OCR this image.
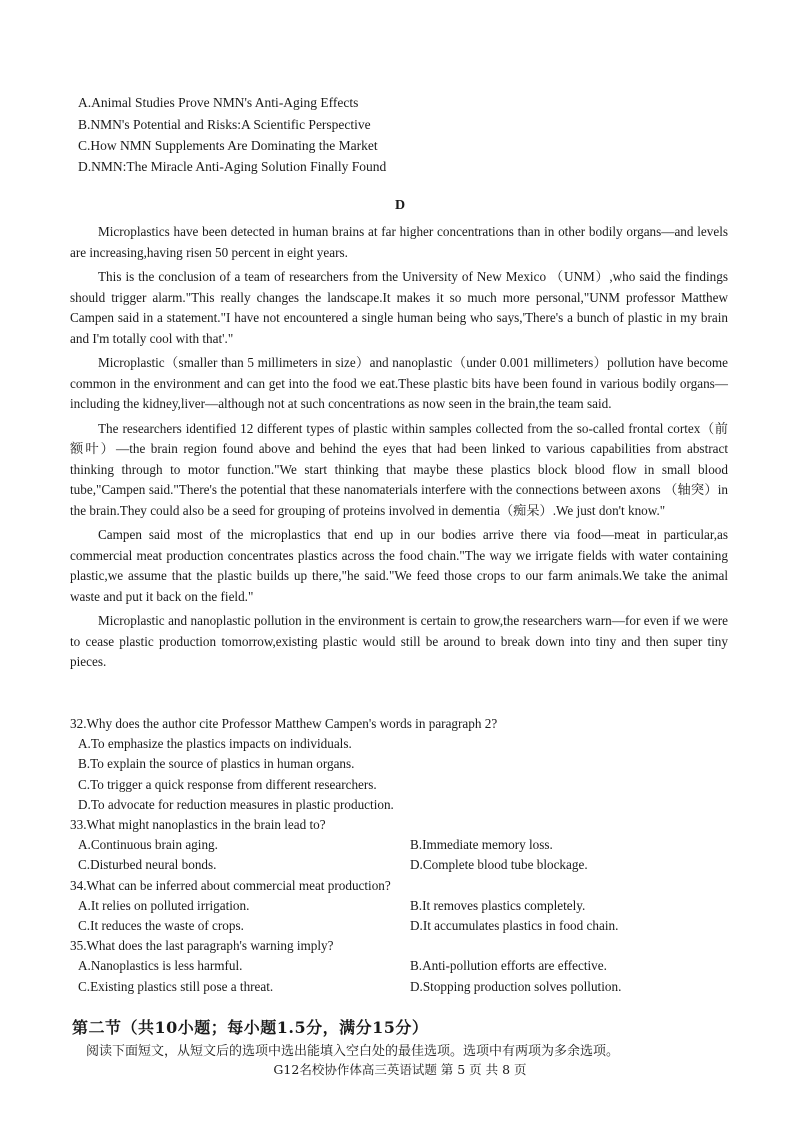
A.Animal Studies Prove NMN's Anti-Aging Effects
B.NMN's Potential and Risks:A Scientific Perspective
C.How NMN Supplements Are Dominating the Market
D.NMN:The Miracle Anti-Aging Solution Finally Found
D

Microplastics have been detected in human brains at far higher concentrations than in other bodily organs—and levels are increasing,having risen 50 percent in eight years.

This is the conclusion of a team of researchers from the University of New Mexico （UNM）,who said the findings should trigger alarm."This really changes the landscape.It makes it so much more personal,"UNM professor Matthew Campen said in a statement."I have not encountered a single human being who says,'There's a bunch of plastic in my brain and I'm totally cool with that'."

Microplastic（smaller than 5 millimeters in size）and nanoplastic（under 0.001 millimeters）pollution have become common in the environment and can get into the food we eat.These plastic bits have been found in various bodily organs—including the kidney,liver—although not at such concentrations as now seen in the brain,the team said.

The researchers identified 12 different types of plastic within samples collected from the so-called frontal cortex（前额叶）—the brain region found above and behind the eyes that had been linked to various capabilities from abstract thinking through to motor function."We start thinking that maybe these plastics block blood flow in small blood tube,"Campen said."There's the potential that these nanomaterials interfere with the connections between axons （轴突）in the brain.They could also be a seed for grouping of proteins involved in dementia（痴呆）.We just don't know."

Campen said most of the microplastics that end up in our bodies arrive there via food—meat in particular,as commercial meat production concentrates plastics across the food chain."The way we irrigate fields with water containing plastic,we assume that the plastic builds up there,"he said."We feed those crops to our farm animals.We take the animal waste and put it back on the field."

Microplastic and nanoplastic pollution in the environment is certain to grow,the researchers warn—for even if we were to cease plastic production tomorrow,existing plastic would still be around to break down into tiny and then super tiny pieces.

32.Why does the author cite Professor Matthew Campen's words in paragraph 2?

A.To emphasize the plastics impacts on individuals.

B.To explain the source of plastics in human organs.

C.To trigger a quick response from different researchers.

D.To advocate for reduction measures in plastic production.

33.What might nanoplastics in the brain lead to?

A.Continuous brain aging.	B.Immediate memory loss.
C.Disturbed neural bonds.	D.Complete blood tube blockage.

34.What can be inferred about commercial meat production?

A.It relies on polluted irrigation.	B.It removes plastics completely.
C.It reduces the waste of crops.	D.It accumulates plastics in food chain.

35.What does the last paragraph's warning imply?

A.Nanoplastics is less harmful.	B.Anti-pollution efforts are effective.
C.Existing plastics still pose a threat.	D.Stopping production solves pollution.
第二节（共10小题；每小题1.5分，满分15分）
阅读下面短文，从短文后的选项中选出能填入空白处的最佳选项。选项中有两项为多余选项。
G12名校协作体高三英语试题 第 5 页 共 8 页
